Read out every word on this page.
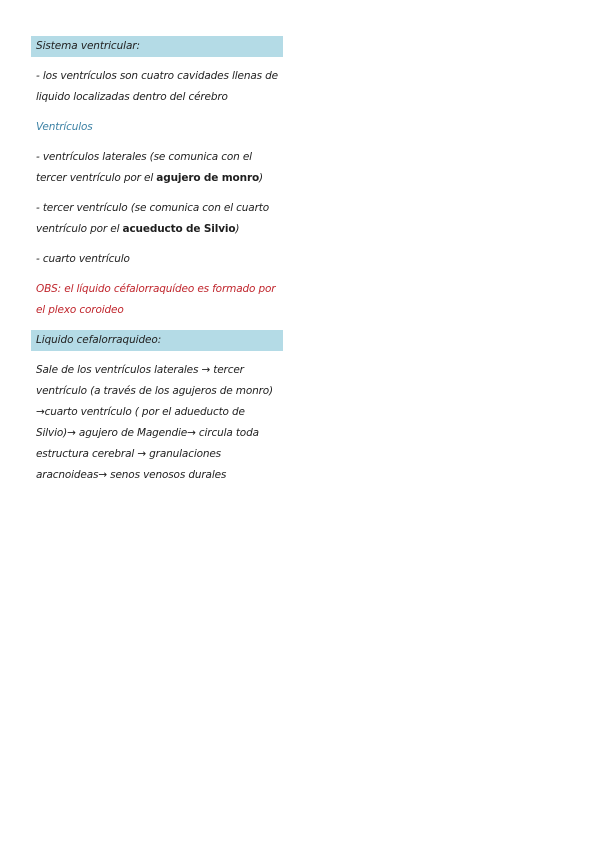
Sistema ventricular:

- los ventrículos son cuatro cavidades llenas de

liquido localizadas dentro del cérebro

Ventrículos

- ventrículos laterales (se comunica con el

tercer ventrículo por el agujero de monro)

- tercer ventrículo (se comunica con el cuarto

ventrículo por el acueducto de Silvio)

- cuarto ventrículo

OBS: el líquido céfalorraquídeo es formado por

el plexo coroideo

Liquido cefalorraquideo:

Sale de los ventrículos laterales → tercer

ventrículo (a través de los agujeros de monro)

→cuarto ventrículo ( por el adueducto de

Silvio)→ agujero de Magendie→ circula toda

estructura cerebral → granulaciones

aracnoideas→ senos venosos durales
